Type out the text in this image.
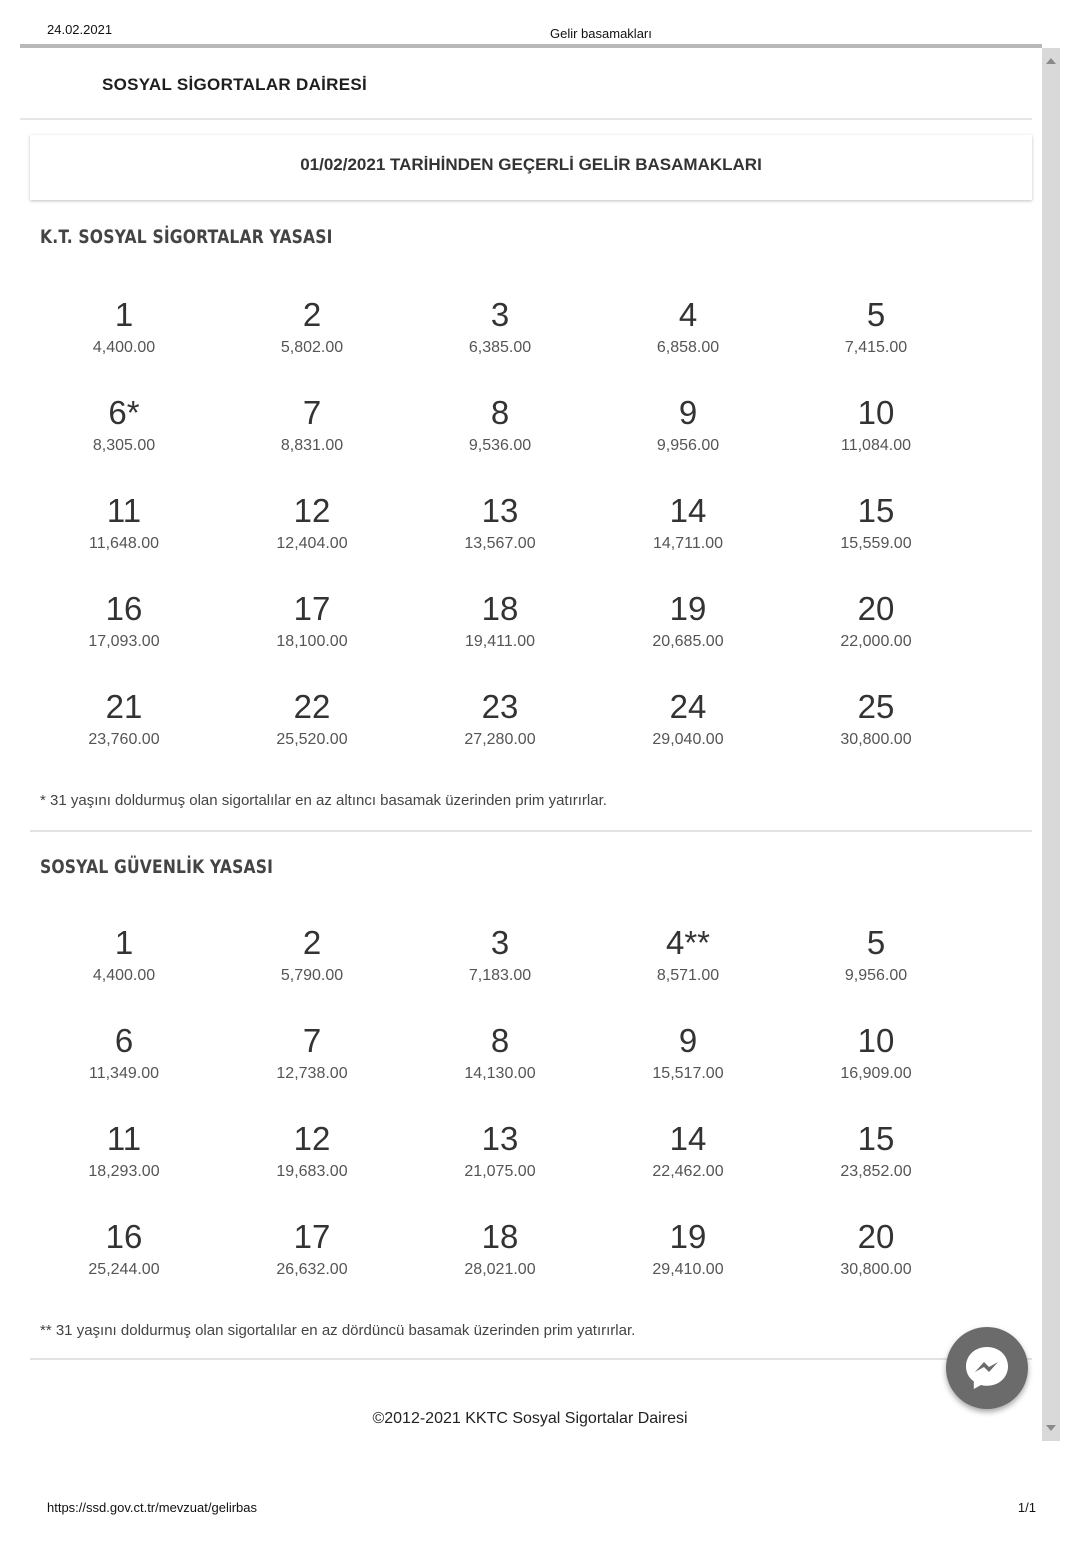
24.02.2021	Gelir basamakları
SOSYAL SİGORTALAR DAİRESİ
01/02/2021 TARİHİNDEN GEÇERLİ GELİR BASAMAKLARI
K.T. SOSYAL SİGORTALAR YASASI
1
4,400.00
2
5,802.00
3
6,385.00
4
6,858.00
5
7,415.00
6*
8,305.00
7
8,831.00
8
9,536.00
9
9,956.00
10
11,084.00
11
11,648.00
12
12,404.00
13
13,567.00
14
14,711.00
15
15,559.00
16
17,093.00
17
18,100.00
18
19,411.00
19
20,685.00
20
22,000.00
21
23,760.00
22
25,520.00
23
27,280.00
24
29,040.00
25
30,800.00
* 31 yaşını doldurmuş olan sigortalılar en az altıncı basamak üzerinden prim yatırırlar.
SOSYAL GÜVENLİK YASASI
1
4,400.00
2
5,790.00
3
7,183.00
4**
8,571.00
5
9,956.00
6
11,349.00
7
12,738.00
8
14,130.00
9
15,517.00
10
16,909.00
11
18,293.00
12
19,683.00
13
21,075.00
14
22,462.00
15
23,852.00
16
25,244.00
17
26,632.00
18
28,021.00
19
29,410.00
20
30,800.00
** 31 yaşını doldurmuş olan sigortalılar en az dördüncü basamak üzerinden prim yatırırlar.
©2012-2021 KKTC Sosyal Sigortalar Dairesi
https://ssd.gov.ct.tr/mevzuat/gelirbas	1/1
